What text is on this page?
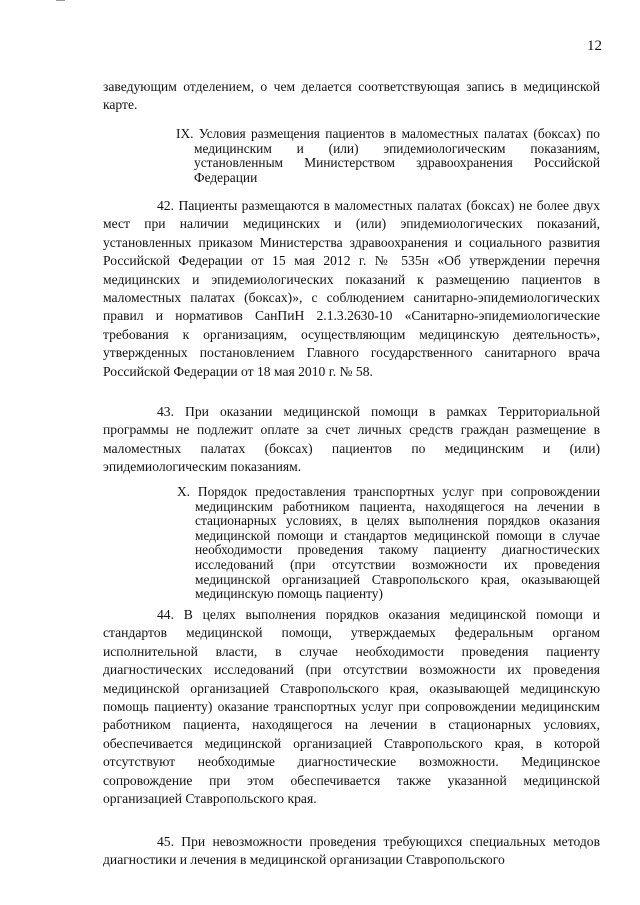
12

заведующим отделением, о чем делается соответствующая запись в медицинской карте.

IX. Условия размещения пациентов в маломестных палатах (боксах) по медицинским и (или) эпидемиологическим показаниям, установленным Министерством здравоохранения Российской Федерации

42. Пациенты размещаются в маломестных палатах (боксах) не более двух мест при наличии медицинских и (или) эпидемиологических показаний, установленных приказом Министерства здравоохранения и социального развития Российской Федерации от 15 мая 2012 г. № 535н «Об утверждении перечня медицинских и эпидемиологических показаний к размещению пациентов в маломестных палатах (боксах)», с соблюдением санитарно-эпидемиологических правил и нормативов СанПиН 2.1.3.2630-10 «Санитарно-эпидемиологические требования к организациям, осуществляющим медицинскую деятельность», утвержденных постановлением Главного государственного санитарного врача Российской Федерации от 18 мая 2010 г. № 58.

43. При оказании медицинской помощи в рамках Территориальной программы не подлежит оплате за счет личных средств граждан размещение в маломестных палатах (боксах) пациентов по медицинским и (или) эпидемиологическим показаниям.

X. Порядок предоставления транспортных услуг при сопровождении медицинским работником пациента, находящегося на лечении в стационарных условиях, в целях выполнения порядков оказания медицинской помощи и стандартов медицинской помощи в случае необходимости проведения такому пациенту диагностических исследований (при отсутствии возможности их проведения медицинской организацией Ставропольского края, оказывающей медицинскую помощь пациенту)

44. В целях выполнения порядков оказания медицинской помощи и стандартов медицинской помощи, утверждаемых федеральным органом исполнительной власти, в случае необходимости проведения пациенту диагностических исследований (при отсутствии возможности их проведения медицинской организацией Ставропольского края, оказывающей медицинскую помощь пациенту) оказание транспортных услуг при сопровождении медицинским работником пациента, находящегося на лечении в стационарных условиях, обеспечивается медицинской организацией Ставропольского края, в которой отсутствуют необходимые диагностические возможности. Медицинское сопровождение при этом обеспечивается также указанной медицинской организацией Ставропольского края.

45. При невозможности проведения требующихся специальных методов диагностики и лечения в медицинской организации Ставропольского
